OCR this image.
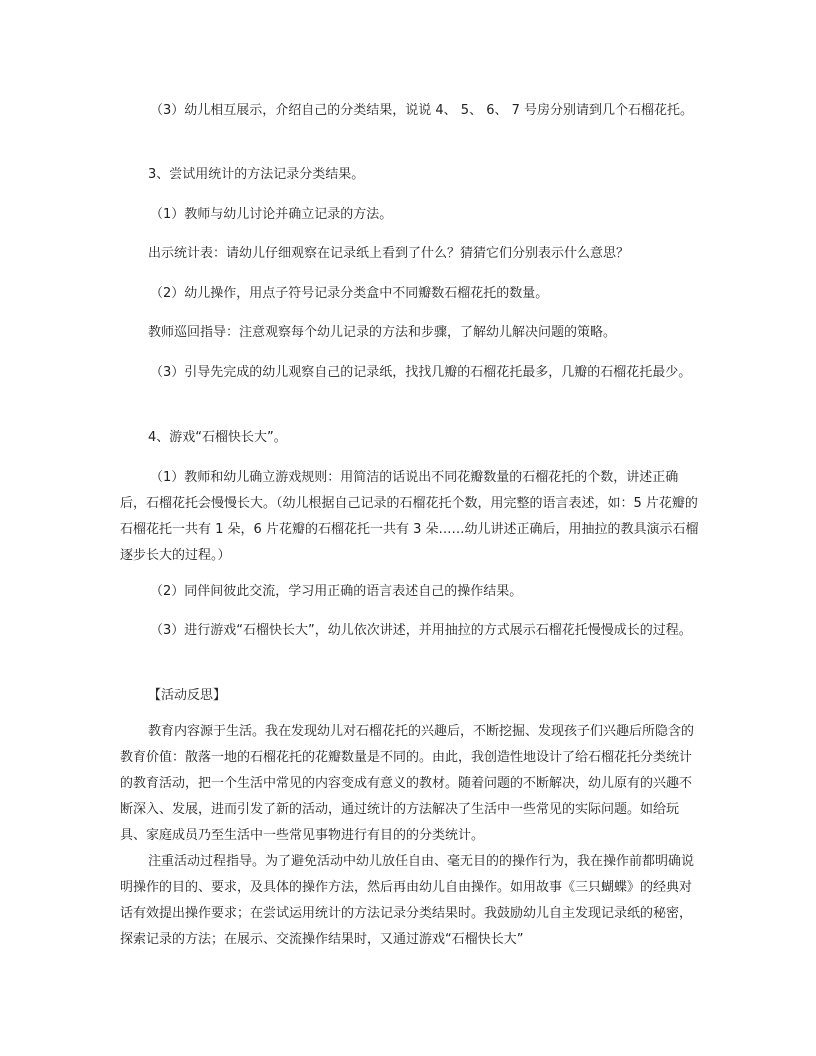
（3）幼儿相互展示，介绍自己的分类结果，说说 4、 5、 6、 7 号房分别请到几个石榴花托。

3、尝试用统计的方法记录分类结果。

（1）教师与幼儿讨论并确立记录的方法。

出示统计表：请幼儿仔细观察在记录纸上看到了什么？猜猜它们分别表示什么意思？

（2）幼儿操作，用点子符号记录分类盒中不同瓣数石榴花托的数量。

教师巡回指导：注意观察每个幼儿记录的方法和步骤，了解幼儿解决问题的策略。

（3）引导先完成的幼儿观察自己的记录纸，找找几瓣的石榴花托最多，几瓣的石榴花托最少。

4、游戏“石榴快长大”。

（1）教师和幼儿确立游戏规则：用简洁的话说出不同花瓣数量的石榴花托的个数，讲述正确后，石榴花托会慢慢长大。（幼儿根据自己记录的石榴花托个数，用完整的语言表述，如：5 片花瓣的石榴花托一共有 1 朵，6 片花瓣的石榴花托一共有 3 朵……幼儿讲述正确后，用抽拉的教具演示石榴逐步长大的过程。）

（2）同伴间彼此交流，学习用正确的语言表述自己的操作结果。

（3）进行游戏“石榴快长大”，幼儿依次讲述，并用抽拉的方式展示石榴花托慢慢成长的过程。

【活动反思】

教育内容源于生活。我在发现幼儿对石榴花托的兴趣后，不断挖掘、发现孩子们兴趣后所隐含的教育价值：散落一地的石榴花托的花瓣数量是不同的。由此，我创造性地设计了给石榴花托分类统计的教育活动，把一个生活中常见的内容变成有意义的教材。随着问题的不断解决，幼儿原有的兴趣不断深入、发展，进而引发了新的活动，通过统计的方法解决了生活中一些常见的实际问题。如给玩具、家庭成员乃至生活中一些常见事物进行有目的的分类统计。

注重活动过程指导。为了避免活动中幼儿放任自由、毫无目的的操作行为，我在操作前都明确说明操作的目的、要求，及具体的操作方法，然后再由幼儿自由操作。如用故事《三只蝴蝶》的经典对话有效提出操作要求；在尝试运用统计的方法记录分类结果时。我鼓励幼儿自主发现记录纸的秘密，探索记录的方法；在展示、交流操作结果时，又通过游戏“石榴快长大”
